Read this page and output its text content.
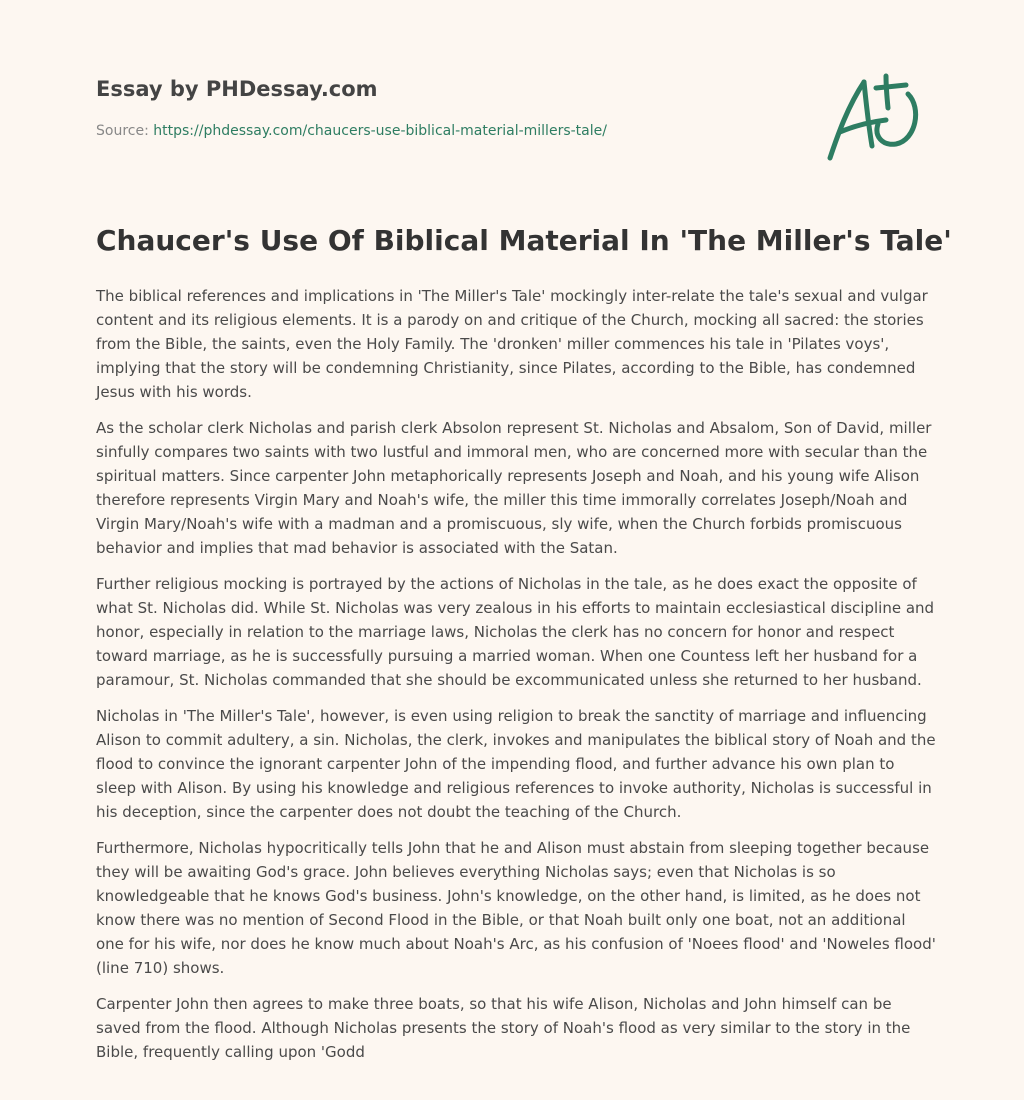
Essay by PHDessay.com
Source: https://phdessay.com/chaucers-use-biblical-material-millers-tale/
Chaucer's Use Of Biblical Material In 'The Miller's Tale'

The biblical references and implications in 'The Miller's Tale' mockingly inter-relate the tale's sexual and vulgar content and its religious elements. It is a parody on and critique of the Church, mocking all sacred: the stories from the Bible, the saints, even the Holy Family. The 'dronken' miller commences his tale in 'Pilates voys', implying that the story will be condemning Christianity, since Pilates, according to the Bible, has condemned Jesus with his words.

As the scholar clerk Nicholas and parish clerk Absolon represent St. Nicholas and Absalom, Son of David, miller sinfully compares two saints with two lustful and immoral men, who are concerned more with secular than the spiritual matters. Since carpenter John metaphorically represents Joseph and Noah, and his young wife Alison therefore represents Virgin Mary and Noah's wife, the miller this time immorally correlates Joseph/Noah and Virgin Mary/Noah's wife with a madman and a promiscuous, sly wife, when the Church forbids promiscuous behavior and implies that mad behavior is associated with the Satan.

Further religious mocking is portrayed by the actions of Nicholas in the tale, as he does exact the opposite of what St. Nicholas did. While St. Nicholas was very zealous in his efforts to maintain ecclesiastical discipline and honor, especially in relation to the marriage laws, Nicholas the clerk has no concern for honor and respect toward marriage, as he is successfully pursuing a married woman. When one Countess left her husband for a paramour, St. Nicholas commanded that she should be excommunicated unless she returned to her husband.

Nicholas in 'The Miller's Tale', however, is even using religion to break the sanctity of marriage and influencing Alison to commit adultery, a sin. Nicholas, the clerk, invokes and manipulates the biblical story of Noah and the flood to convince the ignorant carpenter John of the impending flood, and further advance his own plan to sleep with Alison. By using his knowledge and religious references to invoke authority, Nicholas is successful in his deception, since the carpenter does not doubt the teaching of the Church.

Furthermore, Nicholas hypocritically tells John that he and Alison must abstain from sleeping together because they will be awaiting God's grace. John believes everything Nicholas says; even that Nicholas is so knowledgeable that he knows God's business. John's knowledge, on the other hand, is limited, as he does not know there was no mention of Second Flood in the Bible, or that Noah built only one boat, not an additional one for his wife, nor does he know much about Noah's Arc, as his confusion of 'Noees flood' and 'Noweles flood' (line 710) shows.

Carpenter John then agrees to make three boats, so that his wife Alison, Nicholas and John himself can be saved from the flood. Although Nicholas presents the story of Noah's flood as very similar to the story in the Bible, frequently calling upon 'Godd
